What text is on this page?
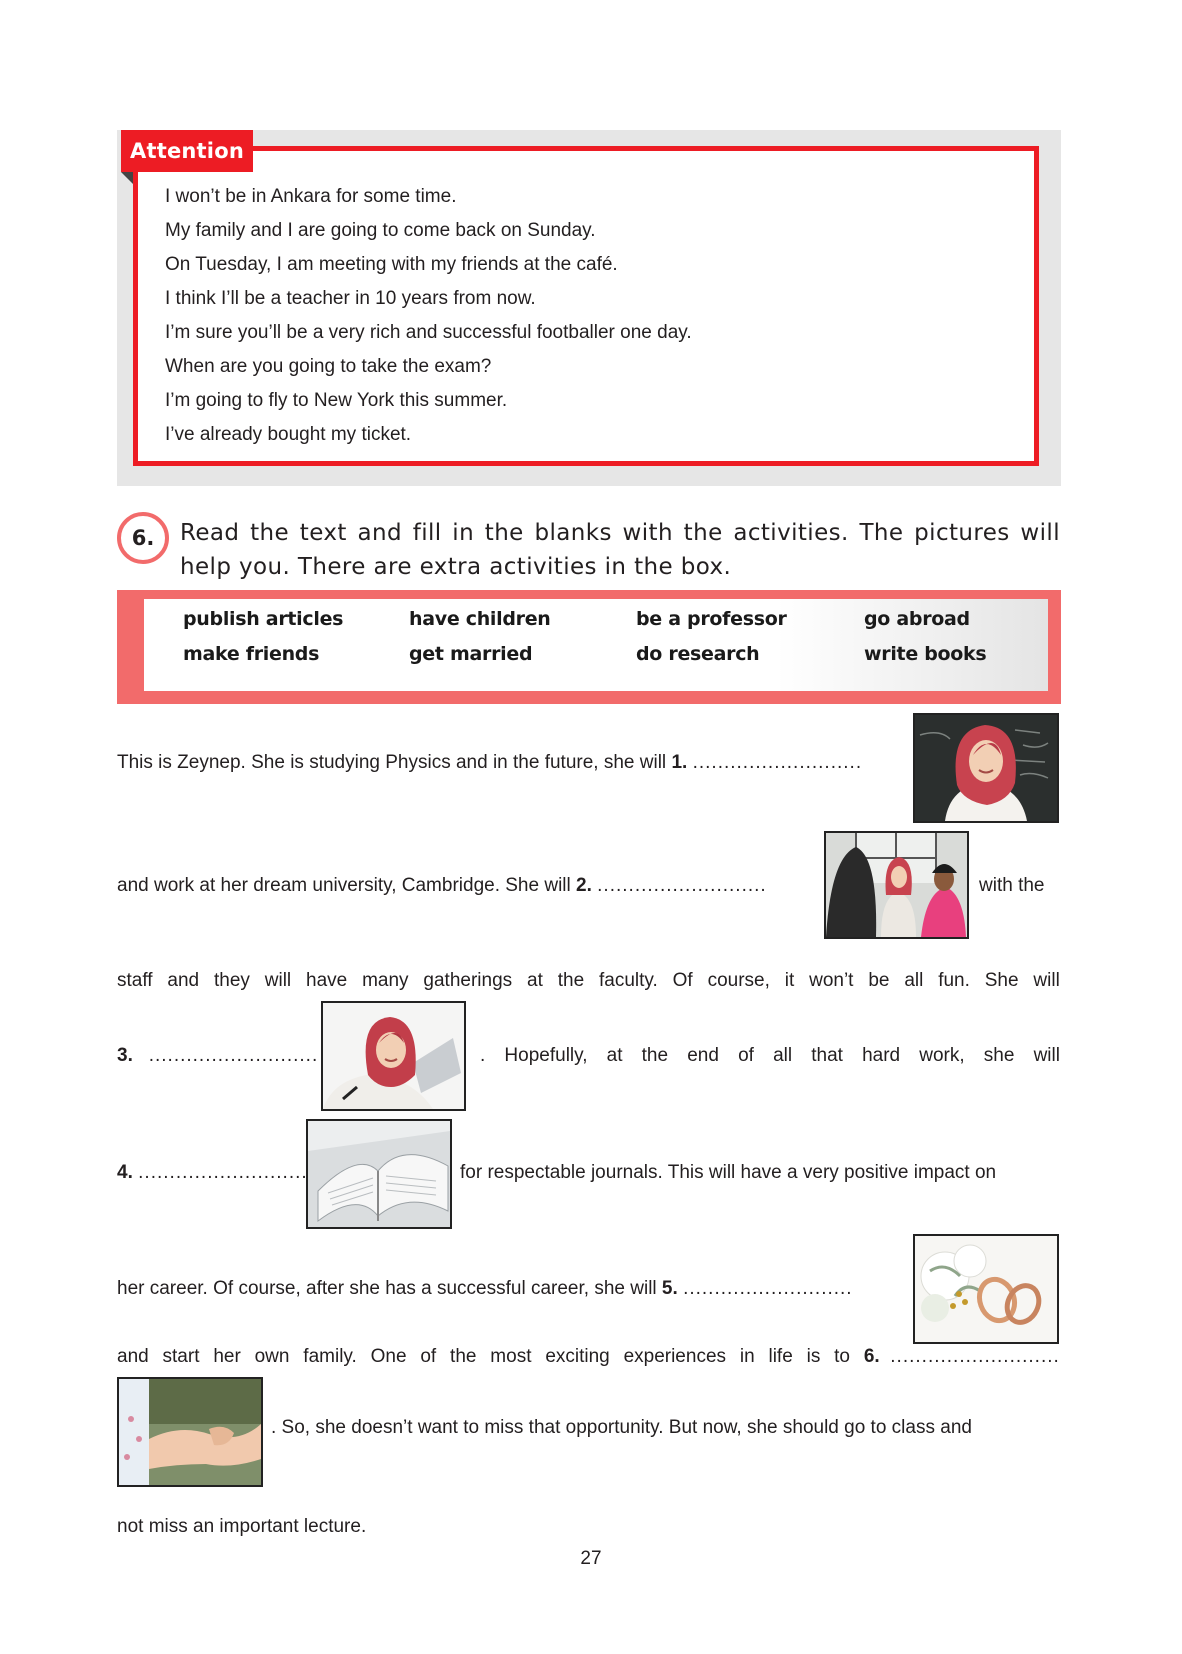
Attention
I won’t be in Ankara for some time.
My family and I are going to come back on Sunday.
On Tuesday, I am meeting with my friends at the café.
I think I’ll be a teacher in 10 years from now.
I’m sure you’ll be a very rich and successful footballer one day.
When are you going to take the exam?
I’m going to fly to New York this summer.
I’ve already bought my ticket.
6.	Read the text and fill in the blanks with the activities. The pictures will help you. There are extra activities in the box.
publish articles	have children	be a professor	go abroad
make friends	get married	do research	write books
This is Zeynep. She is studying Physics and in the future, she will 1. ...........................
and work at her dream university, Cambridge. She will 2. ...........................	with the
staff and they will have many gatherings at the faculty. Of course, it won’t be all fun. She will
3. ...........................	. Hopefully, at the end of all that hard work, she will
4. ...........................	for respectable journals. This will have a very positive impact on
her career. Of course, after she has a successful career, she will 5. ...........................
and start her own family. One of the most exciting experiences in life is to 6. ...........................
. So, she doesn’t want to miss that opportunity. But now, she should go to class and
not miss an important lecture.
27
